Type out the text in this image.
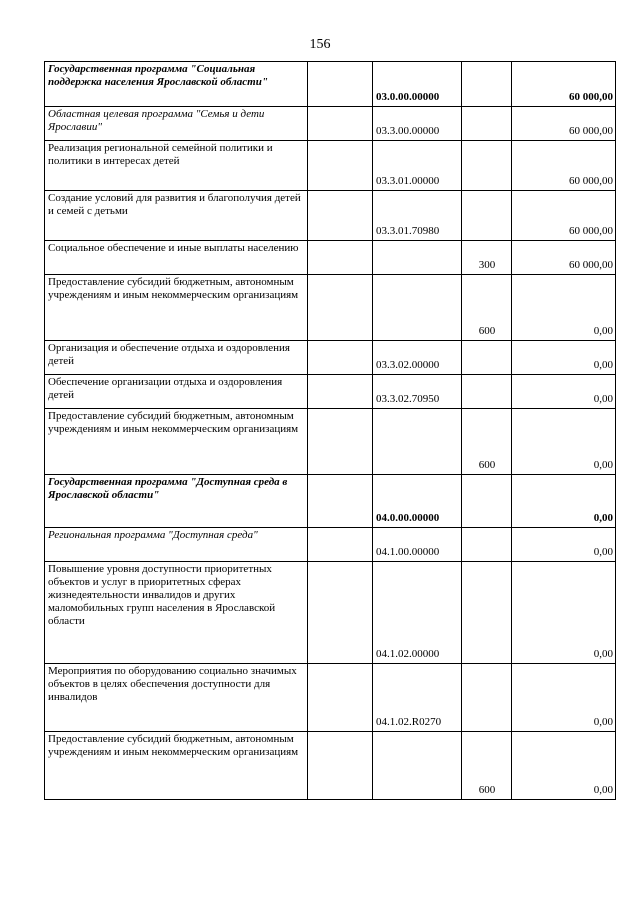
156
Государственная программа "Социальная поддержка населения Ярославской области"		03.0.00.00000		60 000,00
Областная целевая программа "Семья и дети Ярославии"		03.3.00.00000		60 000,00
Реализация региональной семейной политики и политики в интересах детей		03.3.01.00000		60 000,00
Создание условий для развития и благополучия детей и семей с детьми		03.3.01.70980		60 000,00
Социальное обеспечение и иные выплаты населению			300	60 000,00
Предоставление субсидий бюджетным, автономным учреждениям и иным некоммерческим организациям			600	0,00
Организация и обеспечение отдыха и оздоровления детей		03.3.02.00000		0,00
Обеспечение организации отдыха и оздоровления детей		03.3.02.70950		0,00
Предоставление субсидий бюджетным, автономным учреждениям и иным некоммерческим организациям			600	0,00
Государственная программа "Доступная среда в Ярославской области"		04.0.00.00000		0,00
Региональная программа "Доступная среда"		04.1.00.00000		0,00
Повышение уровня доступности приоритетных объектов и услуг в приоритетных сферах жизнедеятельности инвалидов и других маломобильных групп населения в Ярославской области		04.1.02.00000		0,00
Мероприятия по оборудованию социально значимых объектов в целях обеспечения доступности для инвалидов		04.1.02.R0270		0,00
Предоставление субсидий бюджетным, автономным учреждениям и иным некоммерческим организациям			600	0,00
